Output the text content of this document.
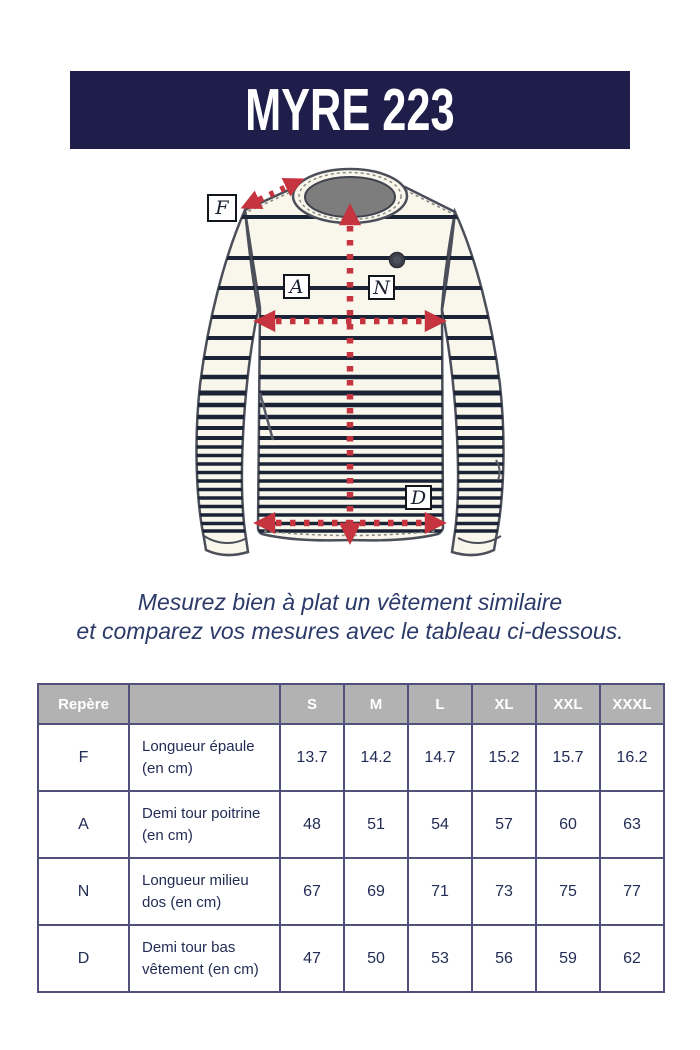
MYRE 223
F
A	N
D
Mesurez bien à plat un vêtement similaire
et comparez vos mesures avec le tableau ci-dessous.
Repère		S	M	L	XL	XXL	XXXL
F	Longueur épaule (en cm)	13.7	14.2	14.7	15.2	15.7	16.2
A	Demi tour poitrine (en cm)	48	51	54	57	60	63
N	Longueur milieu dos (en cm)	67	69	71	73	75	77
D	Demi tour bas vêtement (en cm)	47	50	53	56	59	62
